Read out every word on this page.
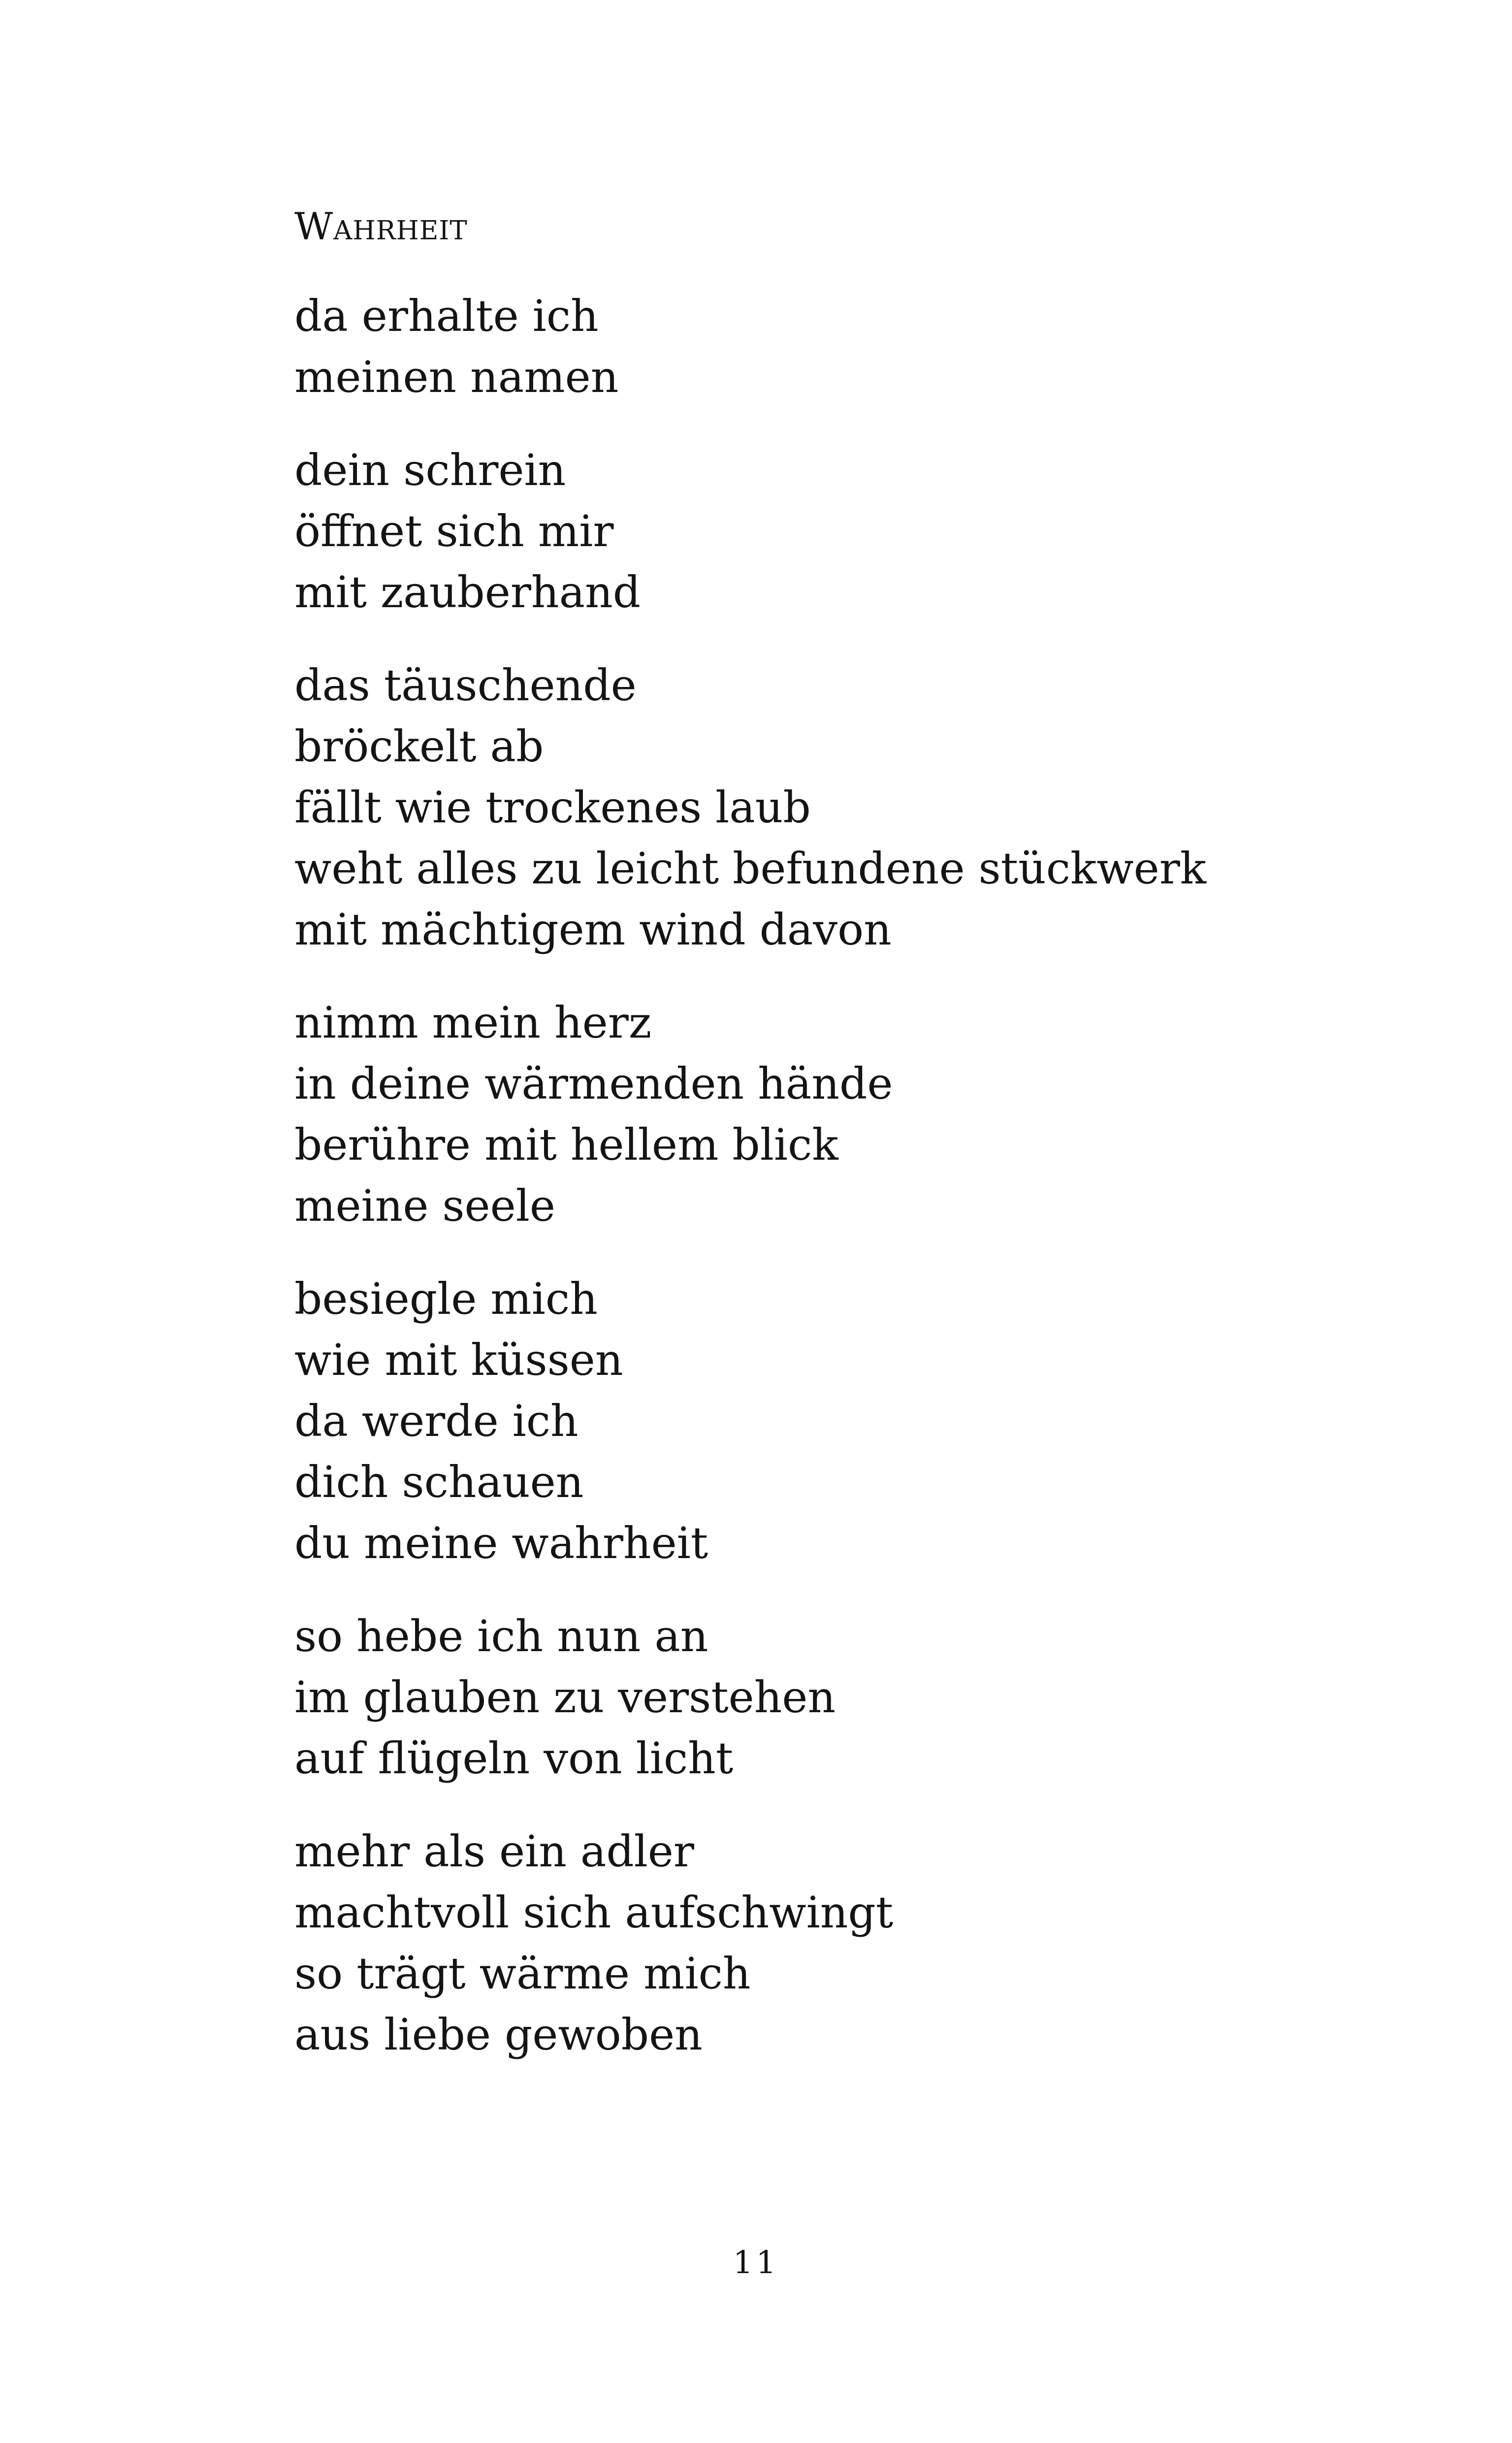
Wahrheit
da erhalte ich
meinen namen
dein schrein
öffnet sich mir
mit zauberhand
das täuschende
bröckelt ab
fällt wie trockenes laub
weht alles zu leicht befundene stückwerk
mit mächtigem wind davon
nimm mein herz
in deine wärmenden hände
berühre mit hellem blick
meine seele
besiegle mich
wie mit küssen
da werde ich
dich schauen
du meine wahrheit
so hebe ich nun an
im glauben zu verstehen
auf flügeln von licht
mehr als ein adler
machtvoll sich aufschwingt
so trägt wärme mich
aus liebe gewoben
11
